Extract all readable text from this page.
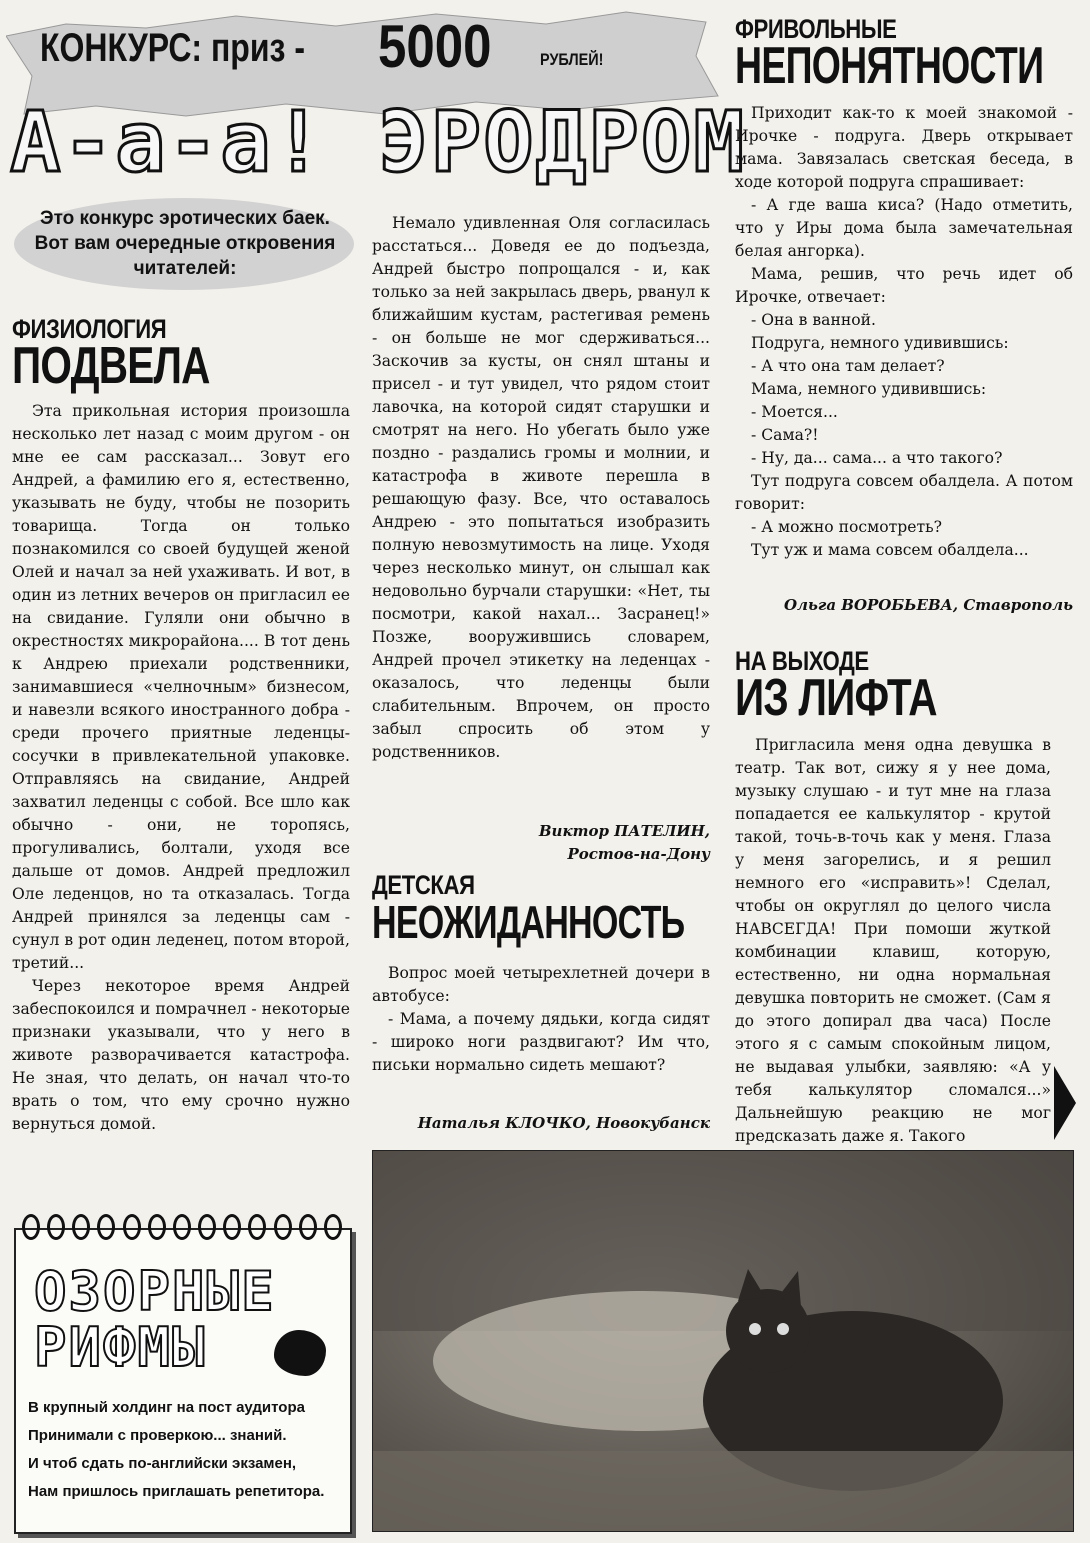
КОНКУРС: приз - 5000	РУБЛЕЙ!
А-а-а! ЭРОДРОМ
Это конкурс эротических баек. Вот вам очередные откровения читателей:
ФИЗИОЛОГИЯ
ПОДВЕЛА

Эта прикольная история произошла несколько лет назад с моим другом - он мне ее сам рассказал... Зовут его Андрей, а фамилию его я, естественно, указывать не буду, чтобы не позорить товарища. Тогда он только познакомился со своей будущей женой Олей и начал за ней ухаживать. И вот, в один из летних вечеров он пригласил ее на свидание. Гуляли они обычно в окрестностях микрорайона.... В тот день к Андрею приехали родственники, занимавшиеся «челночным» бизнесом, и навезли всякого иностранного добра - среди прочего приятные леденцы-сосучки в привлекательной упаковке. Отправляясь на свидание, Андрей захватил леденцы с собой. Все шло как обычно - они, не торопясь, прогуливались, болтали, уходя все дальше от домов. Андрей предложил Оле леденцов, но та отказалась. Тогда Андрей принялся за леденцы сам - сунул в рот один леденец, потом второй, третий...

Через некоторое время Андрей забеспокоился и помрачнел - некоторые признаки указывали, что у него в животе разворачивается катастрофа. Не зная, что делать, он начал что-то врать о том, что ему срочно нужно вернуться домой.

Немало удивленная Оля согласилась расстаться... Доведя ее до подъезда, Андрей быстро попрощался - и, как только за ней закрылась дверь, рванул к ближайшим кустам, растегивая ремень - он больше не мог сдерживаться... Заскочив за кусты, он снял штаны и присел - и тут увидел, что рядом стоит лавочка, на которой сидят старушки и смотрят на него. Но убегать было уже поздно - раздались громы и молнии, и катастрофа в животе перешла в решающую фазу. Все, что оставалось Андрею - это попытаться изобразить полную невозмутимость на лице. Уходя через несколько минут, он слышал как недовольно бурчали старушки: «Нет, ты посмотри, какой нахал... Засранец!» Позже, вооружившись словарем, Андрей прочел этикетку на леденцах - оказалось, что леденцы были слабительным. Впрочем, он просто забыл спросить об этом у родственников.

Виктор ПАТЕЛИН,
Ростов-на-Дону
ДЕТСКАЯ
НЕОЖИДАННОСТЬ

Вопрос моей четырехлетней дочери в автобусе:

- Мама, а почему дядьки, когда сидят - широко ноги раздвигают? Им что, письки нормально сидеть мешают?

Наталья КЛОЧКО, Новокубанск
ФРИВОЛЬНЫЕ
НЕПОНЯТНОСТИ

Приходит как-то к моей знакомой - Ирочке - подруга. Дверь открывает мама. Завязалась светская беседа, в ходе которой подруга спрашивает:

- А где ваша киса? (Надо отметить, что у Иры дома была замечательная белая ангорка).

Мама, решив, что речь идет об Ирочке, отвечает:

- Она в ванной.

Подруга, немного удивившись:

- А что она там делает?

Мама, немного удивившись:

- Моется...

- Сама?!

- Ну, да... сама... а что такого?

Тут подруга совсем обалдела. А потом говорит:

- А можно посмотреть?

Тут уж и мама совсем обалдела...

Ольга ВОРОБЬЕВА, Ставрополь
НА ВЫХОДЕ
ИЗ ЛИФТА

Пригласила меня одна девушка в театр. Так вот, сижу я у нее дома, музыку слушаю - и тут мне на глаза попадается ее калькулятор - крутой такой, точь-в-точь как у меня. Глаза у меня загорелись, и я решил немного его «исправить»! Сделал, чтобы он округлял до целого числа НАВСЕГДА! При помоши жуткой комбинации клавиш, которую, естественно, ни одна нормальная девушка повторить не сможет. (Сам я до этого допирал два часа) После этого я с самым спокойным лицом, не выдавая улыбки, заявляю: «А у тебя калькулятор сломался...» Дальнейшую реакцию не мог предсказать даже я. Такого

ОЗОРНЫЕ
РИФМЫ
В крупный холдинг на пост аудитора
Принимали с проверкою... знаний.
И чтоб сдать по-английски экзамен,
Нам пришлось приглашать репетитора.
